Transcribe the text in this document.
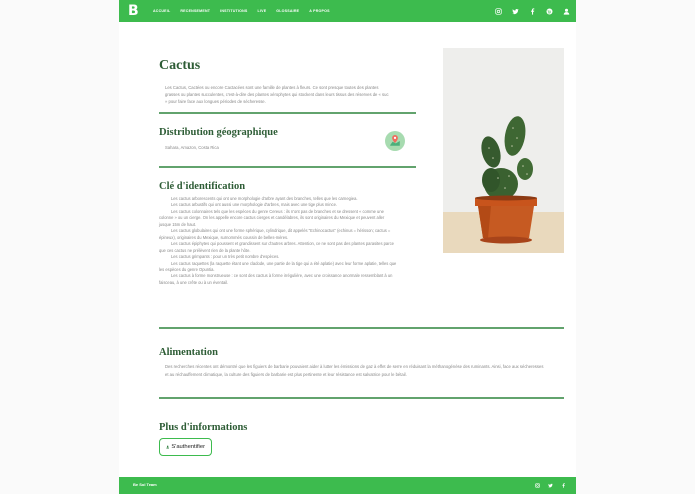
B	ACCUEIL	RECENSEMENT	INSTITUTIONS	LIVE	GLOSSAIRE	A PROPOS
Cactus
Les Cactus, Cactées ou encore Cactacées sont une famille de plantes à fleurs. Ce sont presque toutes des plantes grasses ou plantes succulentes, c'est-à-dire des plantes xérophytes qui stockent dans leurs tissus des réserves de « suc » pour faire face aux longues périodes de sécheresse.
Distribution géographique
Sahara, Amazon, Costa Rica
Clé d'identification

Les cactus arborescents qui ont une morphologie d'arbre ayant des branches, telles que les carnegiea.

Les cactus arbustifs qui ont aussi une morphologie d'arbres, mais avec une tige plus mince.

Les cactus colonnaires tels que les espèces du genre Cereus : ils n'ont pas de branches et se dressent « comme une colonne » ou un cierge. On les appelle encore cactus cierges et candélabres, ils sont originaires du Mexique et peuvent aller jusque 15m de haut.

Les cactus globulaires qui ont une forme sphérique, cylindrique, dit appelés "Echinocactus" (echinus = hérisson; cactus = épineux), originaires du Mexique, surnommés coussin de belles-mères.

Les cactus épiphytes qui poussent et grandissent sur d'autres arbres. Attention, ce ne sont pas des plantes parasites parce que ces cactus ne prélèvent rien de la plante hôte.

Les cactus grimpants : pour un très petit nombre d'espèces.

Les cactus raquettes (la raquette étant une cladode, une partie de la tige qui a été aplatie) avec leur forme aplatie, telles que les espèces du genre Opuntia.

Les cactus à forme monstrueuse : ce sont des cactus à forme irrégulière, avec une croissance anormale ressemblant à un faisceau, à une crête ou à un éventail.

Alimentation
Des recherches récentes ont démontré que les figuiers de barbarie pouvaient aider à lutter les émissions de gaz à effet de serre en réduisant la méthanogénèse des ruminants. Ainsi, face aux sécheresses et au réchauffement climatique, la culture des figuiers de barbarie est plus pertinente et leur résistance est salvatrice pour le bétail.
Plus d'informations
S'authentifier
Be Sol Team
